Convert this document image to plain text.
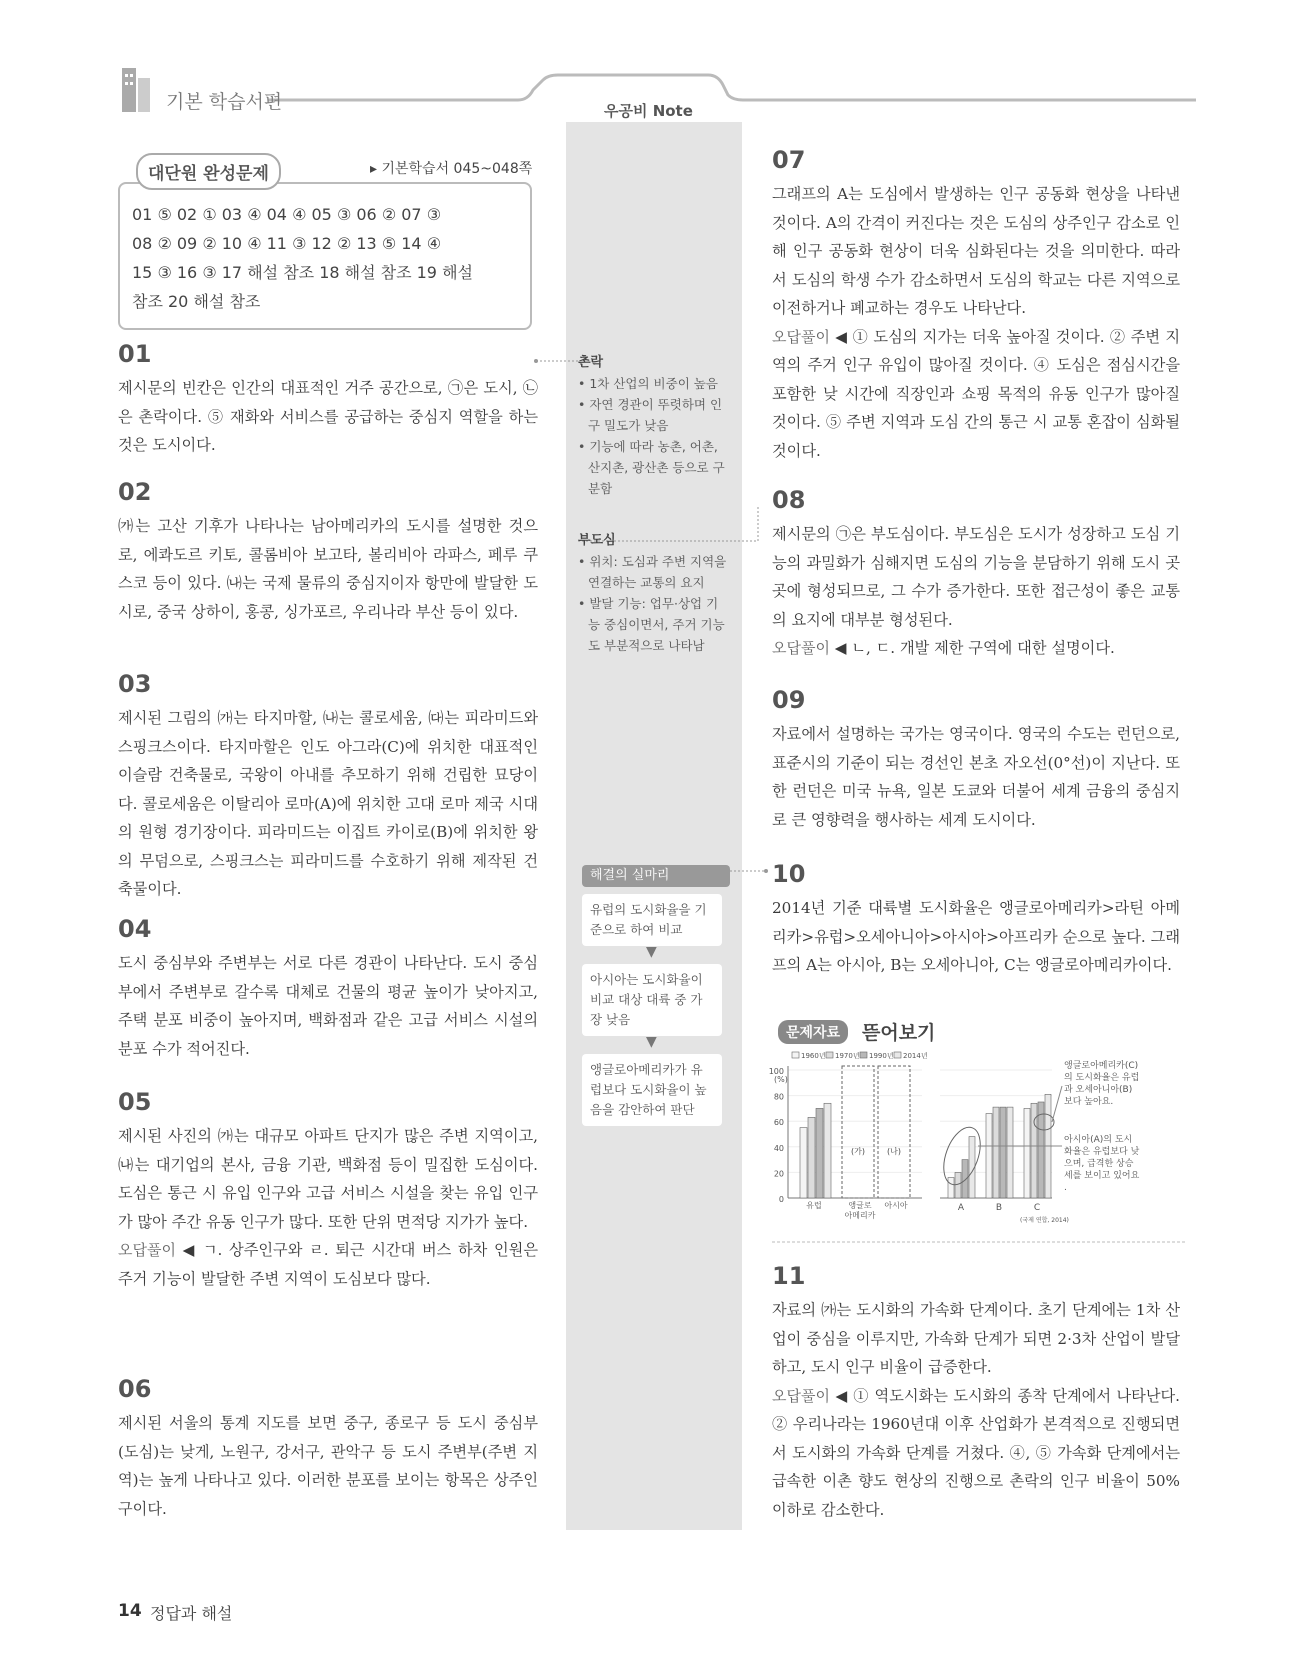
기본 학습서편	우공비 Note
01 ⑤ 02 ① 03 ④ 04 ④ 05 ③ 06 ② 07 ③
08 ② 09 ② 10 ④ 11 ③ 12 ② 13 ⑤ 14 ④
15 ③ 16 ③ 17 해설 참조 18 해설 참조 19 해설
참조 20 해설 참조
대단원 완성문제	▸ 기본학습서 045~048쪽
01

제시문의 빈칸은 인간의 대표적인 거주 공간으로, ㉠은 도시, ㉡은 촌락이다. ⑤ 재화와 서비스를 공급하는 중심지 역할을 하는 것은 도시이다.

02

㈎는 고산 기후가 나타나는 남아메리카의 도시를 설명한 것으로, 에콰도르 키토, 콜롬비아 보고타, 볼리비아 라파스, 페루 쿠스코 등이 있다. ㈏는 국제 물류의 중심지이자 항만에 발달한 도시로, 중국 상하이, 홍콩, 싱가포르, 우리나라 부산 등이 있다.

03

제시된 그림의 ㈎는 타지마할, ㈏는 콜로세움, ㈐는 피라미드와 스핑크스이다. 타지마할은 인도 아그라(C)에 위치한 대표적인 이슬람 건축물로, 국왕이 아내를 추모하기 위해 건립한 묘당이다. 콜로세움은 이탈리아 로마(A)에 위치한 고대 로마 제국 시대의 원형 경기장이다. 피라미드는 이집트 카이로(B)에 위치한 왕의 무덤으로, 스핑크스는 피라미드를 수호하기 위해 제작된 건축물이다.

04

도시 중심부와 주변부는 서로 다른 경관이 나타난다. 도시 중심부에서 주변부로 갈수록 대체로 건물의 평균 높이가 낮아지고, 주택 분포 비중이 높아지며, 백화점과 같은 고급 서비스 시설의 분포 수가 적어진다.

05

제시된 사진의 ㈎는 대규모 아파트 단지가 많은 주변 지역이고, ㈏는 대기업의 본사, 금융 기관, 백화점 등이 밀집한 도심이다. 도심은 통근 시 유입 인구와 고급 서비스 시설을 찾는 유입 인구가 많아 주간 유동 인구가 많다. 또한 단위 면적당 지가가 높다.

오답풀이 ◀ ㄱ. 상주인구와 ㄹ. 퇴근 시간대 버스 하차 인원은 주거 기능이 발달한 주변 지역이 도심보다 많다.

06

제시된 서울의 통계 지도를 보면 중구, 종로구 등 도시 중심부(도심)는 낮게, 노원구, 강서구, 관악구 등 도시 주변부(주변 지역)는 높게 나타나고 있다. 이러한 분포를 보이는 항목은 상주인구이다.

07

그래프의 A는 도심에서 발생하는 인구 공동화 현상을 나타낸 것이다. A의 간격이 커진다는 것은 도심의 상주인구 감소로 인해 인구 공동화 현상이 더욱 심화된다는 것을 의미한다. 따라서 도심의 학생 수가 감소하면서 도심의 학교는 다른 지역으로 이전하거나 폐교하는 경우도 나타난다.

오답풀이 ◀ ① 도심의 지가는 더욱 높아질 것이다. ② 주변 지역의 주거 인구 유입이 많아질 것이다. ④ 도심은 점심시간을 포함한 낮 시간에 직장인과 쇼핑 목적의 유동 인구가 많아질 것이다. ⑤ 주변 지역과 도심 간의 통근 시 교통 혼잡이 심화될 것이다.

08

제시문의 ㉠은 부도심이다. 부도심은 도시가 성장하고 도심 기능의 과밀화가 심해지면 도심의 기능을 분담하기 위해 도시 곳곳에 형성되므로, 그 수가 증가한다. 또한 접근성이 좋은 교통의 요지에 대부분 형성된다.

오답풀이 ◀ ㄴ, ㄷ. 개발 제한 구역에 대한 설명이다.

09

자료에서 설명하는 국가는 영국이다. 영국의 수도는 런던으로, 표준시의 기준이 되는 경선인 본초 자오선(0°선)이 지난다. 또한 런던은 미국 뉴욕, 일본 도쿄와 더불어 세계 금융의 중심지로 큰 영향력을 행사하는 세계 도시이다.

10

2014년 기준 대륙별 도시화율은 앵글로아메리카>라틴 아메리카>유럽>오세아니아>아시아>아프리카 순으로 높다. 그래프의 A는 아시아, B는 오세아니아, C는 앵글로아메리카이다.

11

자료의 ㈎는 도시화의 가속화 단계이다. 초기 단계에는 1차 산업이 중심을 이루지만, 가속화 단계가 되면 2·3차 산업이 발달하고, 도시 인구 비율이 급증한다.

오답풀이 ◀ ① 역도시화는 도시화의 종착 단계에서 나타난다. ② 우리나라는 1960년대 이후 산업화가 본격적으로 진행되면서 도시화의 가속화 단계를 거쳤다. ④, ⑤ 가속화 단계에서는 급속한 이촌 향도 현상의 진행으로 촌락의 인구 비율이 50% 이하로 감소한다.

촌락
• 1차 산업의 비중이 높음
• 자연 경관이 뚜렷하며 인구 밀도가 낮음
• 기능에 따라 농촌, 어촌, 산지촌, 광산촌 등으로 구분함
부도심
• 위치: 도심과 주변 지역을 연결하는 교통의 요지
• 발달 기능: 업무·상업 기능 중심이면서, 주거 기능도 부분적으로 나타남
해결의 실마리
유럽의 도시화율을 기준으로 하여 비교
▼
아시아는 도시화율이 비교 대상 대륙 중 가장 낮음
▼
앵글로아메리카가 유럽보다 도시화율이 높음을 감안하여 판단
문제자료	뜯어보기
100
80
60
40
20
0
(%)
1960년 1970년 1990년 2014년
(가)	(나)
유럽	앵글로
아메리카
아시아	A	B	C
(국제 연합, 2014)
앵글로아메리카(C)
의 도시화율은 유럽
과 오세아니아(B)
보다 높아요.
아시아(A)의 도시
화율은 유럽보다 낮
으며, 급격한 상승
세를 보이고 있어요
.
14 정답과 해설
